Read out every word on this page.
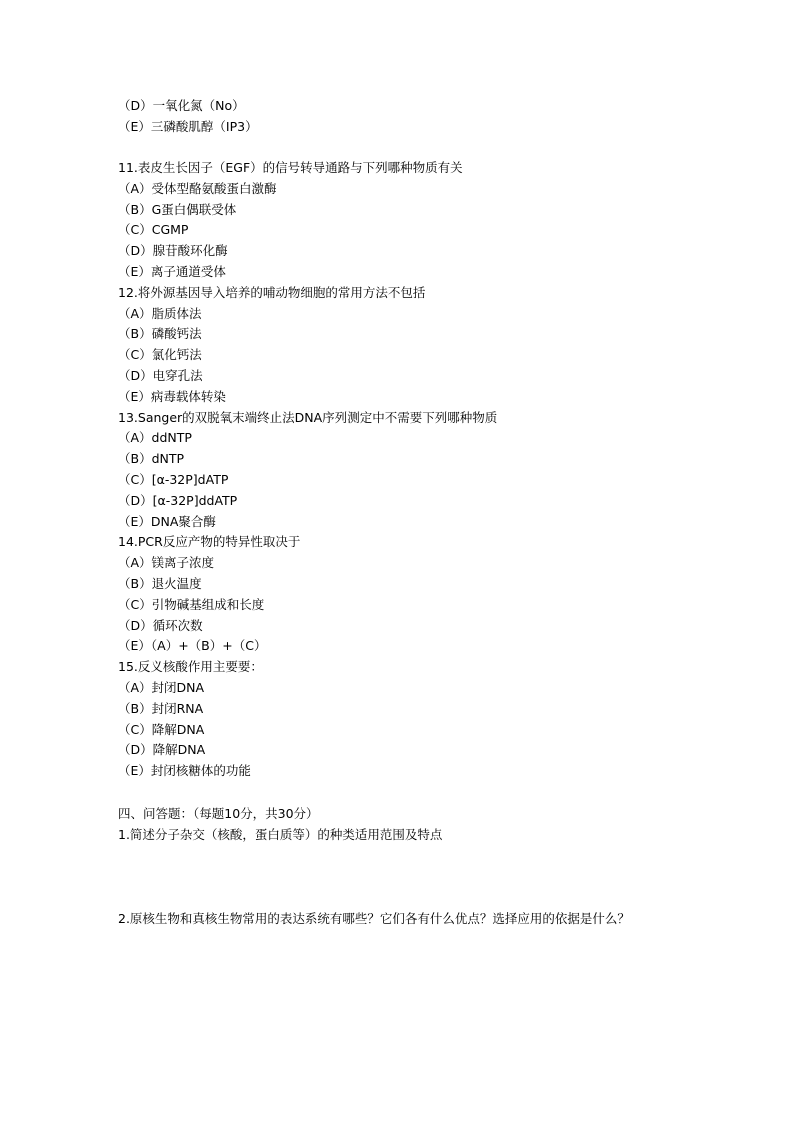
（D）一氧化氮（No）
（E）三磷酸肌醇（IP3）
11.表皮生长因子（EGF）的信号转导通路与下列哪种物质有关
（A）受体型酪氨酸蛋白激酶
（B）G蛋白偶联受体
（C）CGMP
（D）腺苷酸环化酶
（E）离子通道受体
12.将外源基因导入培养的哺动物细胞的常用方法不包括
（A）脂质体法
（B）磷酸钙法
（C）氯化钙法
（D）电穿孔法
（E）病毒载体转染
13.Sanger的双脱氧末端终止法DNA序列测定中不需要下列哪种物质
（A）ddNTP
（B）dNTP
（C）[α-32P]dATP
（D）[α-32P]ddATP
（E）DNA聚合酶
14.PCR反应产物的特异性取决于
（A）镁离子浓度
（B）退火温度
（C）引物碱基组成和长度
（D）循环次数
（E）（A）+（B）+（C）
15.反义核酸作用主要要：
（A）封闭DNA
（B）封闭RNA
（C）降解DNA
（D）降解DNA
（E）封闭核糖体的功能
四、问答题：（每题10分，共30分）
1.简述分子杂交（核酸，蛋白质等）的种类适用范围及特点
2.原核生物和真核生物常用的表达系统有哪些？它们各有什么优点？选择应用的依据是什么？
